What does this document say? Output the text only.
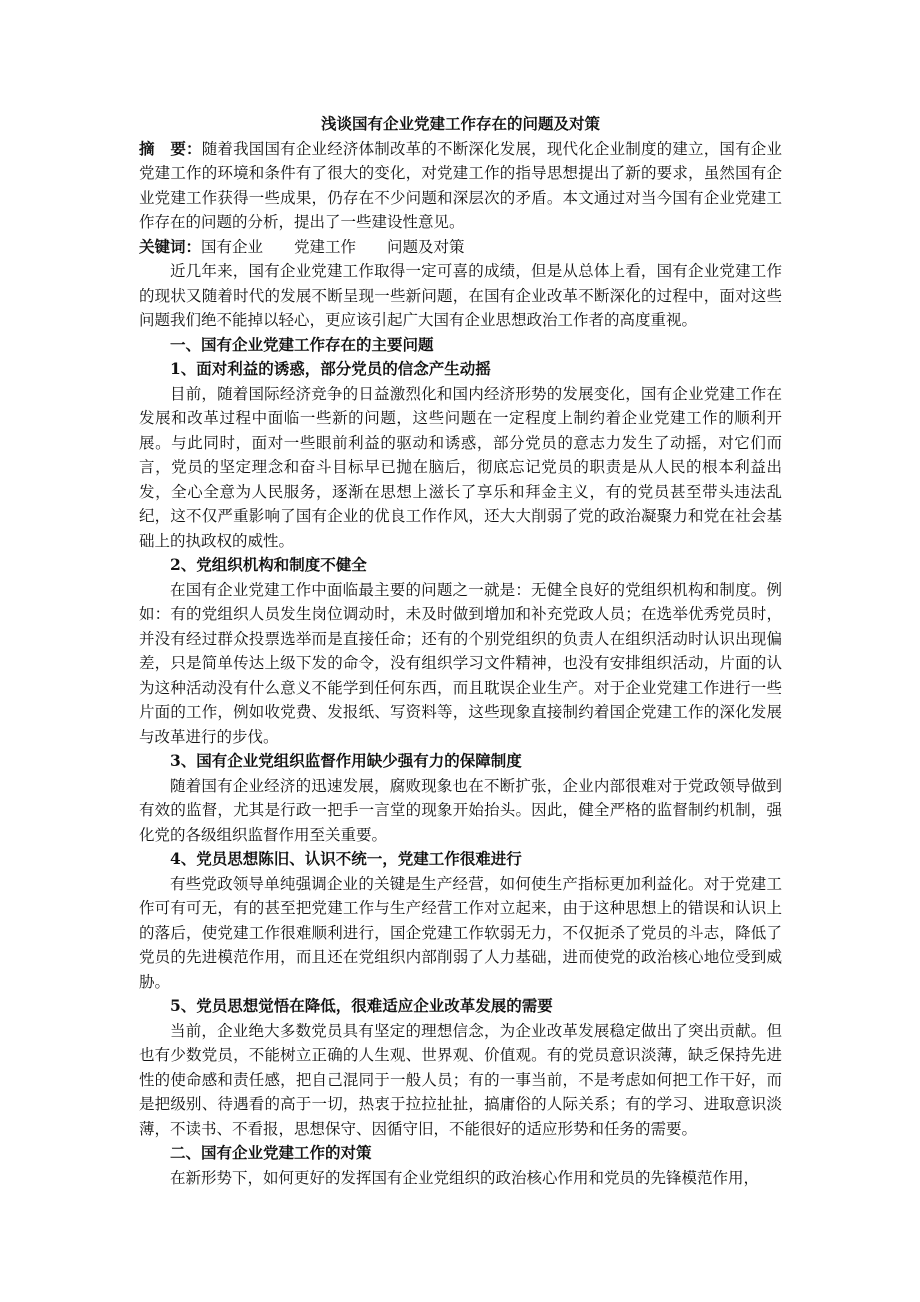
浅谈国有企业党建工作存在的问题及对策

摘　要：随着我国国有企业经济体制改革的不断深化发展，现代化企业制度的建立，国有企业党建工作的环境和条件有了很大的变化，对党建工作的指导思想提出了新的要求，虽然国有企业党建工作获得一些成果，仍存在不少问题和深层次的矛盾。本文通过对当今国有企业党建工作存在的问题的分析，提出了一些建设性意见。

关键词：国有企业 党建工作 问题及对策

近几年来，国有企业党建工作取得一定可喜的成绩，但是从总体上看，国有企业党建工作的现状又随着时代的发展不断呈现一些新问题，在国有企业改革不断深化的过程中，面对这些问题我们绝不能掉以轻心，更应该引起广大国有企业思想政治工作者的高度重视。

一、国有企业党建工作存在的主要问题

1、面对利益的诱惑，部分党员的信念产生动摇

目前，随着国际经济竞争的日益激烈化和国内经济形势的发展变化，国有企业党建工作在发展和改革过程中面临一些新的问题，这些问题在一定程度上制约着企业党建工作的顺利开展。与此同时，面对一些眼前利益的驱动和诱惑，部分党员的意志力发生了动摇，对它们而言，党员的坚定理念和奋斗目标早已抛在脑后，彻底忘记党员的职责是从人民的根本利益出发，全心全意为人民服务，逐渐在思想上滋长了享乐和拜金主义，有的党员甚至带头违法乱纪，这不仅严重影响了国有企业的优良工作作风，还大大削弱了党的政治凝聚力和党在社会基础上的执政权的威性。

2、党组织机构和制度不健全

在国有企业党建工作中面临最主要的问题之一就是：无健全良好的党组织机构和制度。例如：有的党组织人员发生岗位调动时，未及时做到增加和补充党政人员；在选举优秀党员时，并没有经过群众投票选举而是直接任命；还有的个别党组织的负责人在组织活动时认识出现偏差，只是简单传达上级下发的命令，没有组织学习文件精神，也没有安排组织活动，片面的认为这种活动没有什么意义不能学到任何东西，而且耽误企业生产。对于企业党建工作进行一些片面的工作，例如收党费、发报纸、写资料等，这些现象直接制约着国企党建工作的深化发展与改革进行的步伐。

3、国有企业党组织监督作用缺少强有力的保障制度

随着国有企业经济的迅速发展，腐败现象也在不断扩张，企业内部很难对于党政领导做到有效的监督，尤其是行政一把手一言堂的现象开始抬头。因此，健全严格的监督制约机制，强化党的各级组织监督作用至关重要。

4、党员思想陈旧、认识不统一，党建工作很难进行

有些党政领导单纯强调企业的关键是生产经营，如何使生产指标更加利益化。对于党建工作可有可无，有的甚至把党建工作与生产经营工作对立起来，由于这种思想上的错误和认识上的落后，使党建工作很难顺利进行，国企党建工作软弱无力，不仅扼杀了党员的斗志，降低了党员的先进模范作用，而且还在党组织内部削弱了人力基础，进而使党的政治核心地位受到威胁。

5、党员思想觉悟在降低，很难适应企业改革发展的需要

当前，企业绝大多数党员具有坚定的理想信念，为企业改革发展稳定做出了突出贡献。但也有少数党员，不能树立正确的人生观、世界观、价值观。有的党员意识淡薄，缺乏保持先进性的使命感和责任感，把自己混同于一般人员；有的一事当前，不是考虑如何把工作干好，而是把级别、待遇看的高于一切，热衷于拉拉扯扯，搞庸俗的人际关系；有的学习、进取意识淡薄，不读书、不看报，思想保守、因循守旧，不能很好的适应形势和任务的需要。

二、国有企业党建工作的对策

在新形势下，如何更好的发挥国有企业党组织的政治核心作用和党员的先锋模范作用，
